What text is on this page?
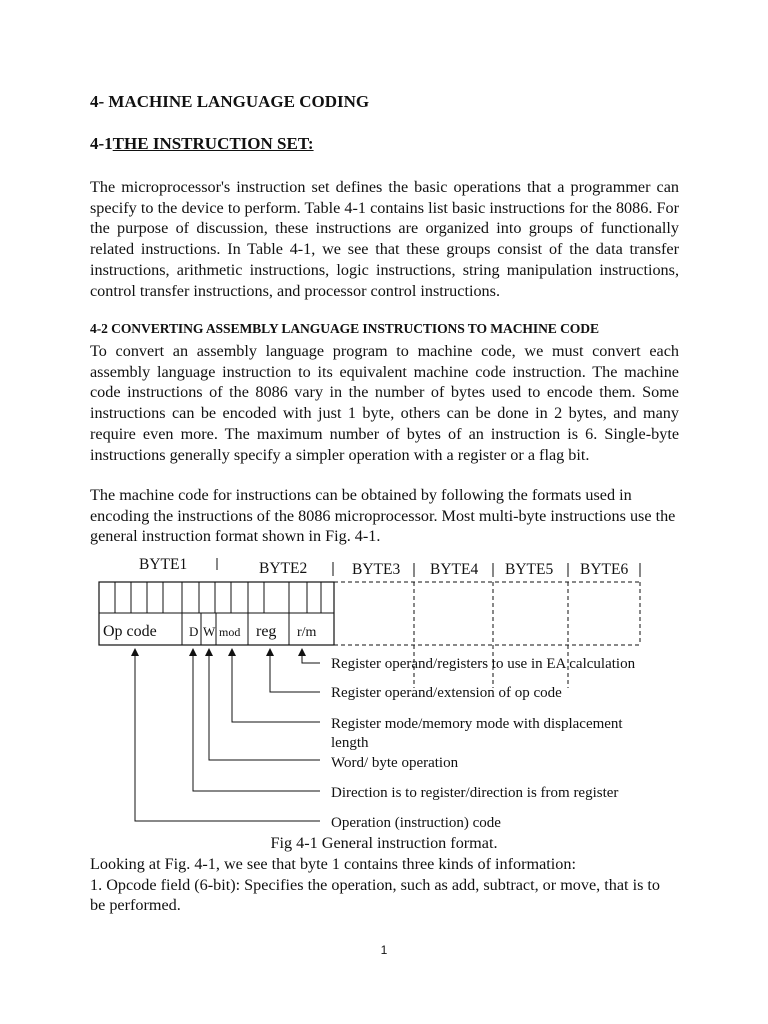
4- MACHINE LANGUAGE CODING
4-1THE INSTRUCTION SET:

The microprocessor's instruction set defines the basic operations that a programmer can specify to the device to perform. Table 4-1 contains list basic instructions for the 8086. For the purpose of discussion, these instructions are organized into groups of functionally related instructions. In Table 4-1, we see that these groups consist of the data transfer instructions, arithmetic instructions, logic instructions, string manipulation instructions, control transfer instructions, and processor control instructions.

4-2 CONVERTING ASSEMBLY LANGUAGE INSTRUCTIONS TO MACHINE CODE

To convert an assembly language program to machine code, we must convert each assembly language instruction to its equivalent machine code instruction. The machine code instructions of the 8086 vary in the number of bytes used to encode them. Some instructions can be encoded with just 1 byte, others can be done in 2 bytes, and many require even more. The maximum number of bytes of an instruction is 6. Single-byte instructions generally specify a simpler operation with a register or a flag bit.

The machine code for instructions can be obtained by following the formats used in encoding the instructions of the 8086 microprocessor. Most multi-byte instructions use the general instruction format shown in Fig. 4-1.

BYTE1	BYTE2	BYTE3 BYTE4 BYTE5 BYTE6
Op code D W mod reg r/m
Register operand/registers to use in EA calculation
Register operand/extension of op code
Register mode/memory mode with displacement
length
Word/ byte operation
Direction is to register/direction is from register
Operation (instruction) code
Fig 4-1 General instruction format.

Looking at Fig. 4-1, we see that byte 1 contains three kinds of information:
1. Opcode field (6-bit): Specifies the operation, such as add, subtract, or move, that is to be performed.

1
